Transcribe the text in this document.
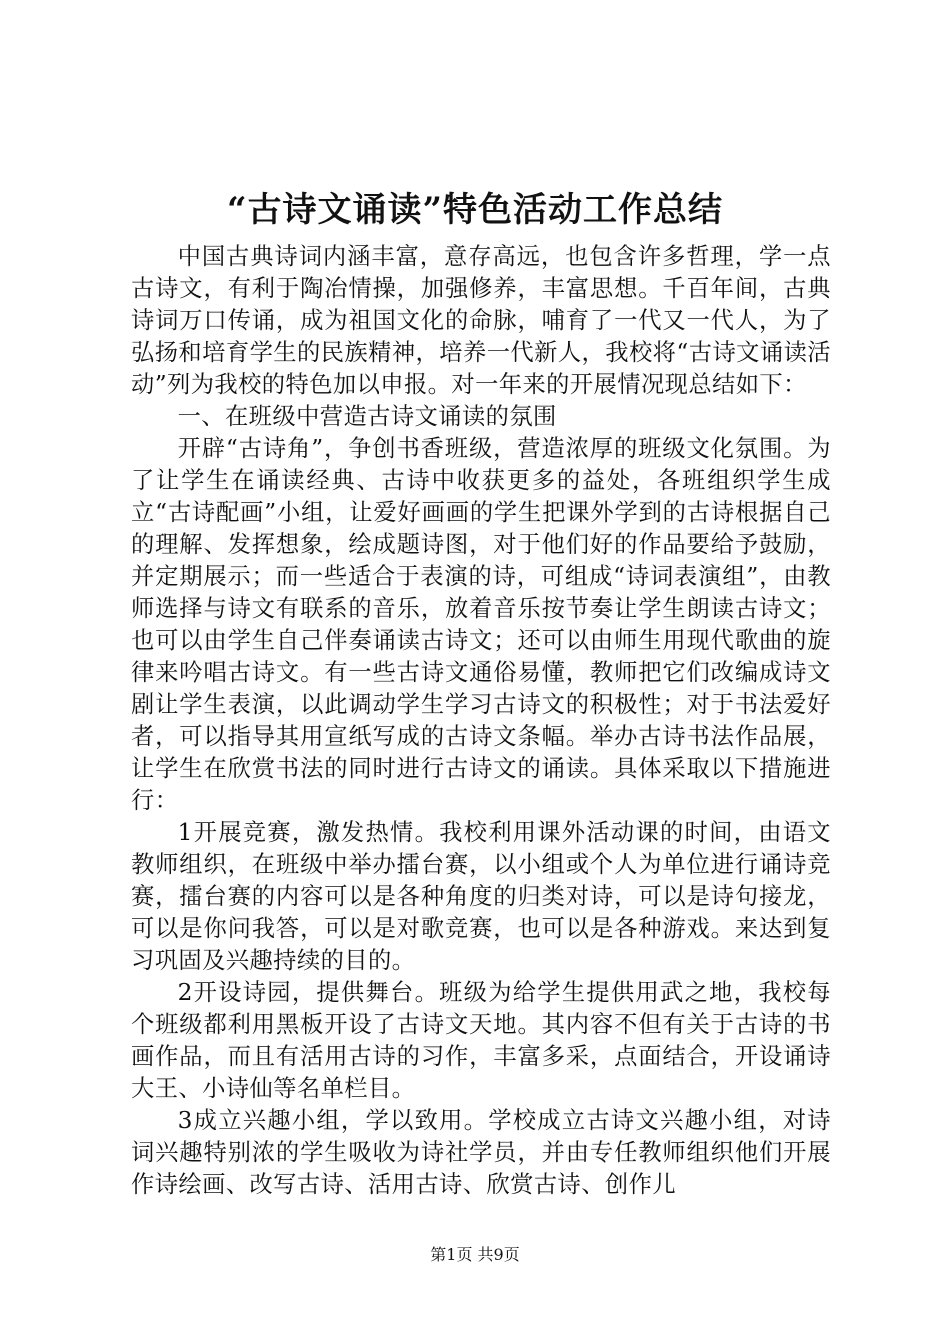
“古诗文诵读”特色活动工作总结

中国古典诗词内涵丰富，意存高远，也包含许多哲理，学一点古诗文，有利于陶冶情操，加强修养，丰富思想。千百年间，古典诗词万口传诵，成为祖国文化的命脉，哺育了一代又一代人，为了弘扬和培育学生的民族精神，培养一代新人，我校将“古诗文诵读活动”列为我校的特色加以申报。对一年来的开展情况现总结如下：

一、在班级中营造古诗文诵读的氛围

开辟“古诗角”，争创书香班级，营造浓厚的班级文化氛围。为了让学生在诵读经典、古诗中收获更多的益处，各班组织学生成立“古诗配画”小组，让爱好画画的学生把课外学到的古诗根据自己的理解、发挥想象，绘成题诗图，对于他们好的作品要给予鼓励，并定期展示；而一些适合于表演的诗，可组成“诗词表演组”，由教师选择与诗文有联系的音乐，放着音乐按节奏让学生朗读古诗文；也可以由学生自己伴奏诵读古诗文；还可以由师生用现代歌曲的旋律来吟唱古诗文。有一些古诗文通俗易懂，教师把它们改编成诗文剧让学生表演，以此调动学生学习古诗文的积极性；对于书法爱好者，可以指导其用宣纸写成的古诗文条幅。举办古诗书法作品展，让学生在欣赏书法的同时进行古诗文的诵读。具体采取以下措施进行：

1开展竞赛，激发热情。我校利用课外活动课的时间，由语文教师组织，在班级中举办擂台赛，以小组或个人为单位进行诵诗竞赛，擂台赛的内容可以是各种角度的归类对诗，可以是诗句接龙，可以是你问我答，可以是对歌竞赛，也可以是各种游戏。来达到复习巩固及兴趣持续的目的。

2开设诗园，提供舞台。班级为给学生提供用武之地，我校每个班级都利用黑板开设了古诗文天地。其内容不但有关于古诗的书画作品，而且有活用古诗的习作，丰富多采，点面结合，开设诵诗大王、小诗仙等名单栏目。

3成立兴趣小组，学以致用。学校成立古诗文兴趣小组，对诗词兴趣特别浓的学生吸收为诗社学员，并由专任教师组织他们开展作诗绘画、改写古诗、活用古诗、欣赏古诗、创作儿

第1页 共9页
